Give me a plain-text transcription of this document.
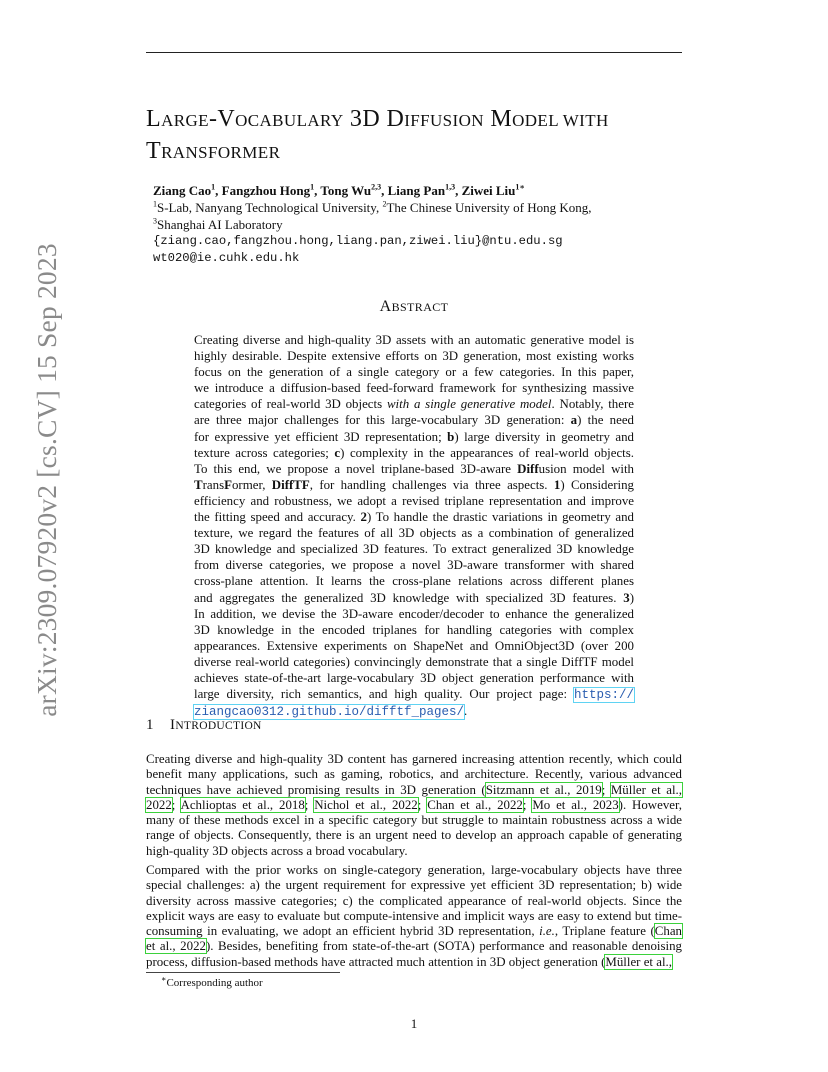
arXiv:2309.07920v2 [cs.CV] 15 Sep 2023
LARGE-VOCABULARY 3D DIFFUSION MODEL WITH
TRANSFORMER
Ziang Cao$^1$, Fangzhou Hong$^1$, Tong Wu$^{2,3}$, Liang Pan$^{1,3}$, Ziwei Liu$^{1∗}$
$^1$S-Lab, Nanyang Technological University, $^2$The Chinese University of Hong Kong,
$^3$Shanghai AI Laboratory
{ziang.cao,fangzhou.hong,liang.pan,ziwei.liu}@ntu.edu.sg
wt020@ie.cuhk.edu.hk
ABSTRACT
Creating diverse and high-quality 3D assets with an automatic generative model is
highly desirable. Despite extensive efforts on 3D generation, most existing works
focus on the generation of a single category or a few categories. In this paper,
we introduce a diffusion-based feed-forward framework for synthesizing massive
categories of real-world 3D objects with a single generative model. Notably, there
are three major challenges for this large-vocabulary 3D generation: a) the need
for expressive yet efficient 3D representation; b) large diversity in geometry and
texture across categories; c) complexity in the appearances of real-world objects.
To this end, we propose a novel triplane-based 3D-aware Diffusion model with
TransFormer, DiffTF, for handling challenges via three aspects. 1) Considering
efficiency and robustness, we adopt a revised triplane representation and improve
the fitting speed and accuracy. 2) To handle the drastic variations in geometry and
texture, we regard the features of all 3D objects as a combination of generalized
3D knowledge and specialized 3D features. To extract generalized 3D knowledge
from diverse categories, we propose a novel 3D-aware transformer with shared
cross-plane attention. It learns the cross-plane relations across different planes
and aggregates the generalized 3D knowledge with specialized 3D features. 3)
In addition, we devise the 3D-aware encoder/decoder to enhance the generalized
3D knowledge in the encoded triplanes for handling categories with complex
appearances. Extensive experiments on ShapeNet and OmniObject3D (over 200
diverse real-world categories) convincingly demonstrate that a single DiffTF model
achieves state-of-the-art large-vocabulary 3D object generation performance with
large diversity, rich semantics, and high quality. Our project page: https://
ziangcao0312.github.io/difftf_pages/.
1 INTRODUCTION
Creating diverse and high-quality 3D content has garnered increasing attention recently, which could
benefit many applications, such as gaming, robotics, and architecture. Recently, various advanced
techniques have achieved promising results in 3D generation (Sitzmann et al., 2019; Müller et al.,
2022; Achlioptas et al., 2018; Nichol et al., 2022; Chan et al., 2022; Mo et al., 2023). However,
many of these methods excel in a specific category but struggle to maintain robustness across a wide
range of objects. Consequently, there is an urgent need to develop an approach capable of generating
high-quality 3D objects across a broad vocabulary.
Compared with the prior works on single-category generation, large-vocabulary objects have three
special challenges: a) the urgent requirement for expressive yet efficient 3D representation; b) wide
diversity across massive categories; c) the complicated appearance of real-world objects. Since the
explicit ways are easy to evaluate but compute-intensive and implicit ways are easy to extend but time-
consuming in evaluating, we adopt an efficient hybrid 3D representation, i.e., Triplane feature (Chan
et al., 2022). Besides, benefiting from state-of-the-art (SOTA) performance and reasonable denoising
process, diffusion-based methods have attracted much attention in 3D object generation (Müller et al.,
∗Corresponding author
1
